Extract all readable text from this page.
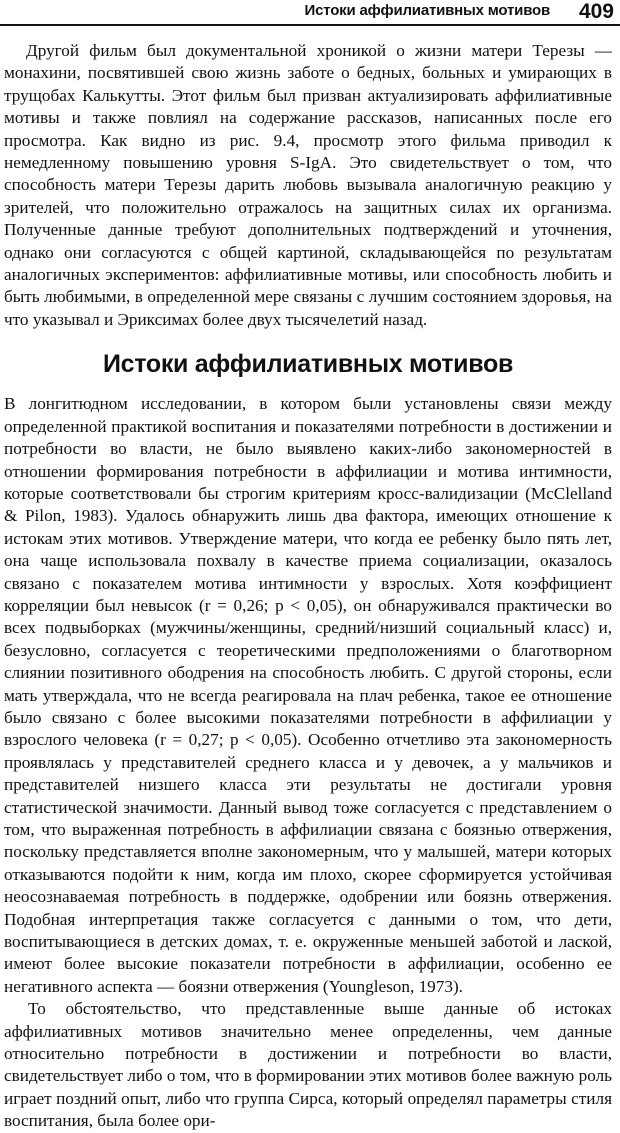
Истоки аффилиативных мотивов 409

Другой фильм был документальной хроникой о жизни матери Терезы — монахини, посвятившей свою жизнь заботе о бедных, больных и умирающих в трущобах Калькутты. Этот фильм был призван актуализировать аффилиативные мотивы и также повлиял на содержание рассказов, написанных после его просмотра. Как видно из рис. 9.4, просмотр этого фильма приводил к немедленному повышению уровня S-IgA. Это свидетельствует о том, что способность матери Терезы дарить любовь вызывала аналогичную реакцию у зрителей, что положительно отражалось на защитных силах их организма. Полученные данные требуют дополнительных подтверждений и уточнения, однако они согласуются с общей картиной, складывающейся по результатам аналогичных экспериментов: аффилиативные мотивы, или способность любить и быть любимыми, в определенной мере связаны с лучшим состоянием здоровья, на что указывал и Эриксимах более двух тысячелетий назад.

Истоки аффилиативных мотивов

В лонгитюдном исследовании, в котором были установлены связи между определенной практикой воспитания и показателями потребности в достижении и потребности во власти, не было выявлено каких-либо закономерностей в отношении формирования потребности в аффилиации и мотива интимности, которые соответствовали бы строгим критериям кросс-валидизации (McClelland & Pilon, 1983). Удалось обнаружить лишь два фактора, имеющих отношение к истокам этих мотивов. Утверждение матери, что когда ее ребенку было пять лет, она чаще использовала похвалу в качестве приема социализации, оказалось связано с показателем мотива интимности у взрослых. Хотя коэффициент корреляции был невысок (r = 0,26; p < 0,05), он обнаруживался практически во всех подвыборках (мужчины/женщины, средний/низший социальный класс) и, безусловно, согласуется с теоретическими предположениями о благотворном слиянии позитивного ободрения на способность любить. С другой стороны, если мать утверждала, что не всегда реагировала на плач ребенка, такое ее отношение было связано с более высокими показателями потребности в аффилиации у взрослого человека (r = 0,27; p < 0,05). Особенно отчетливо эта закономерность проявлялась у представителей среднего класса и у девочек, а у мальчиков и представителей низшего класса эти результаты не достигали уровня статистической значимости. Данный вывод тоже согласуется с представлением о том, что выраженная потребность в аффилиации связана с боязнью отвержения, поскольку представляется вполне закономерным, что у малышей, матери которых отказываются подойти к ним, когда им плохо, скорее сформируется устойчивая неосознаваемая потребность в поддержке, одобрении или боязнь отвержения. Подобная интерпретация также согласуется с данными о том, что дети, воспитывающиеся в детских домах, т. е. окруженные меньшей заботой и лаской, имеют более высокие показатели потребности в аффилиации, особенно ее негативного аспекта — боязни отвержения (Youngleson, 1973).

То обстоятельство, что представленные выше данные об истоках аффилиативных мотивов значительно менее определенны, чем данные относительно потребности в достижении и потребности во власти, свидетельствует либо о том, что в формировании этих мотивов более важную роль играет поздний опыт, либо что группа Сирса, который определял параметры стиля воспитания, была более ори-
